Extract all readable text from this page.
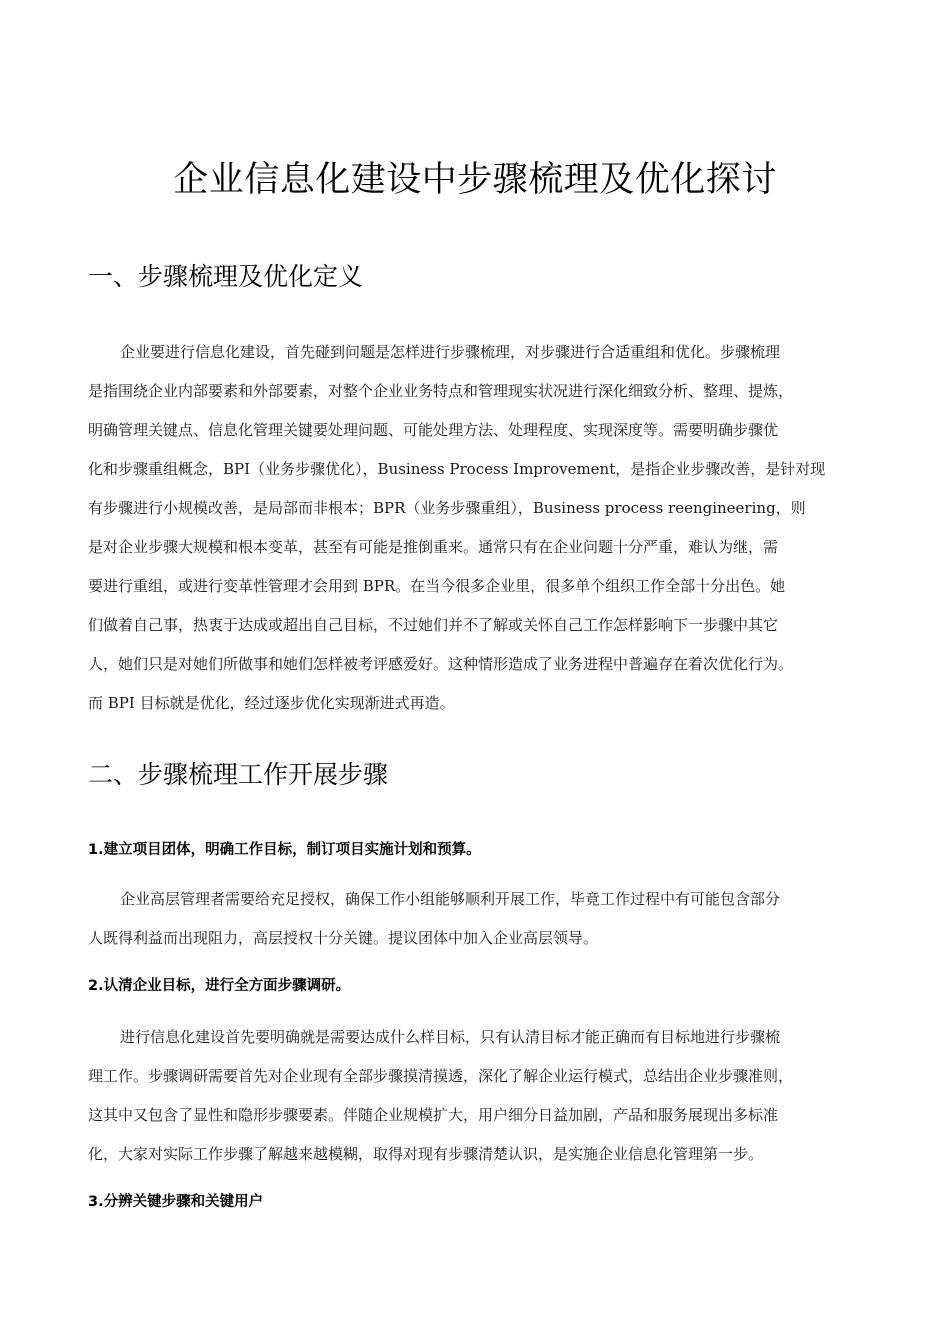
企业信息化建设中步骤梳理及优化探讨
一、步骤梳理及优化定义
企业要进行信息化建设，首先碰到问题是怎样进行步骤梳理，对步骤进行合适重组和优化。步骤梳理
是指围绕企业内部要素和外部要素，对整个企业业务特点和管理现实状况进行深化细致分析、整理、提炼，
明确管理关键点、信息化管理关键要处理问题、可能处理方法、处理程度、实现深度等。需要明确步骤优
化和步骤重组概念，BPI（业务步骤优化），Business Process Improvement，是指企业步骤改善，是针对现
有步骤进行小规模改善，是局部而非根本；BPR（业务步骤重组），Business process reengineering，则
是对企业步骤大规模和根本变革，甚至有可能是推倒重来。通常只有在企业问题十分严重，难认为继，需
要进行重组，或进行变革性管理才会用到 BPR。在当今很多企业里，很多单个组织工作全部十分出色。她
们做着自己事，热衷于达成或超出自己目标，不过她们并不了解或关怀自己工作怎样影响下一步骤中其它
人，她们只是对她们所做事和她们怎样被考评感爱好。这种情形造成了业务进程中普遍存在着次优化行为。
而 BPI 目标就是优化，经过逐步优化实现渐进式再造。
二、步骤梳理工作开展步骤
1.建立项目团体，明确工作目标，制订项目实施计划和预算。
企业高层管理者需要给充足授权，确保工作小组能够顺利开展工作，毕竟工作过程中有可能包含部分
人既得利益而出现阻力，高层授权十分关键。提议团体中加入企业高层领导。
2.认清企业目标，进行全方面步骤调研。
进行信息化建设首先要明确就是需要达成什么样目标，只有认清目标才能正确而有目标地进行步骤梳
理工作。步骤调研需要首先对企业现有全部步骤摸清摸透，深化了解企业运行模式，总结出企业步骤准则，
这其中又包含了显性和隐形步骤要素。伴随企业规模扩大，用户细分日益加剧，产品和服务展现出多标准
化，大家对实际工作步骤了解越来越模糊，取得对现有步骤清楚认识，是实施企业信息化管理第一步。
3.分辨关键步骤和关键用户
